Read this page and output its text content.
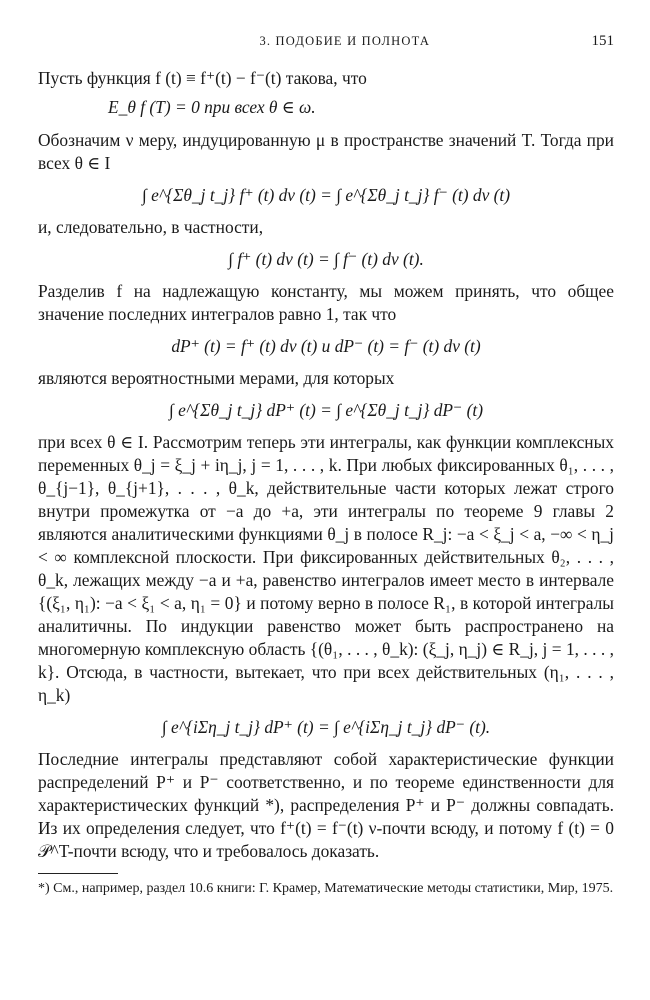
3. ПОДОБИЕ И ПОЛНОТА	151

Пусть функция f (t) ≡ f⁺(t) − f⁻(t) такова, что

E_θ f (T) = 0 при всех θ ∈ ω.

Обозначим ν меру, индуцированную μ в пространстве значений T. Тогда при всех θ ∈ I

∫ e^{Σθ_j t_j} f⁺ (t) dν (t) = ∫ e^{Σθ_j t_j} f⁻ (t) dν (t)

и, следовательно, в частности,

∫ f⁺ (t) dν (t) = ∫ f⁻ (t) dν (t).

Разделив f на надлежащую константу, мы можем принять, что общее значение последних интегралов равно 1, так что

dP⁺ (t) = f⁺ (t) dν (t) и dP⁻ (t) = f⁻ (t) dν (t)

являются вероятностными мерами, для которых

∫ e^{Σθ_j t_j} dP⁺ (t) = ∫ e^{Σθ_j t_j} dP⁻ (t)

при всех θ ∈ I. Рассмотрим теперь эти интегралы, как функции комплексных переменных θ_j = ξ_j + iη_j, j = 1, . . . , k. При любых фиксированных θ₁, . . . , θ_{j−1}, θ_{j+1}, . . . , θ_k, действительные части которых лежат строго внутри промежутка от −a до +a, эти интегралы по теореме 9 главы 2 являются аналитическими функциями θ_j в полосе R_j: −a < ξ_j < a, −∞ < η_j < ∞ комплексной плоскости. При фиксированных действительных θ₂, . . . , θ_k, лежащих между −a и +a, равенство интегралов имеет место в интервале {(ξ₁, η₁): −a < ξ₁ < a, η₁ = 0} и потому верно в полосе R₁, в которой интегралы аналитичны. По индукции равенство может быть распространено на многомерную комплексную область {(θ₁, . . . , θ_k): (ξ_j, η_j) ∈ R_j, j = 1, . . . , k}. Отсюда, в частности, вытекает, что при всех действительных (η₁, . . . , η_k)

∫ e^{iΣη_j t_j} dP⁺ (t) = ∫ e^{iΣη_j t_j} dP⁻ (t).

Последние интегралы представляют собой характеристические функции распределений P⁺ и P⁻ соответственно, и по теореме единственности для характеристических функций *), распределения P⁺ и P⁻ должны совпадать. Из их определения следует, что f⁺(t) = f⁻(t) ν-почти всюду, и потому f (t) = 0 𝒫^T-почти всюду, что и требовалось доказать.

*) См., например, раздел 10.6 книги: Г. Крамер, Математические методы статистики, Мир, 1975.
